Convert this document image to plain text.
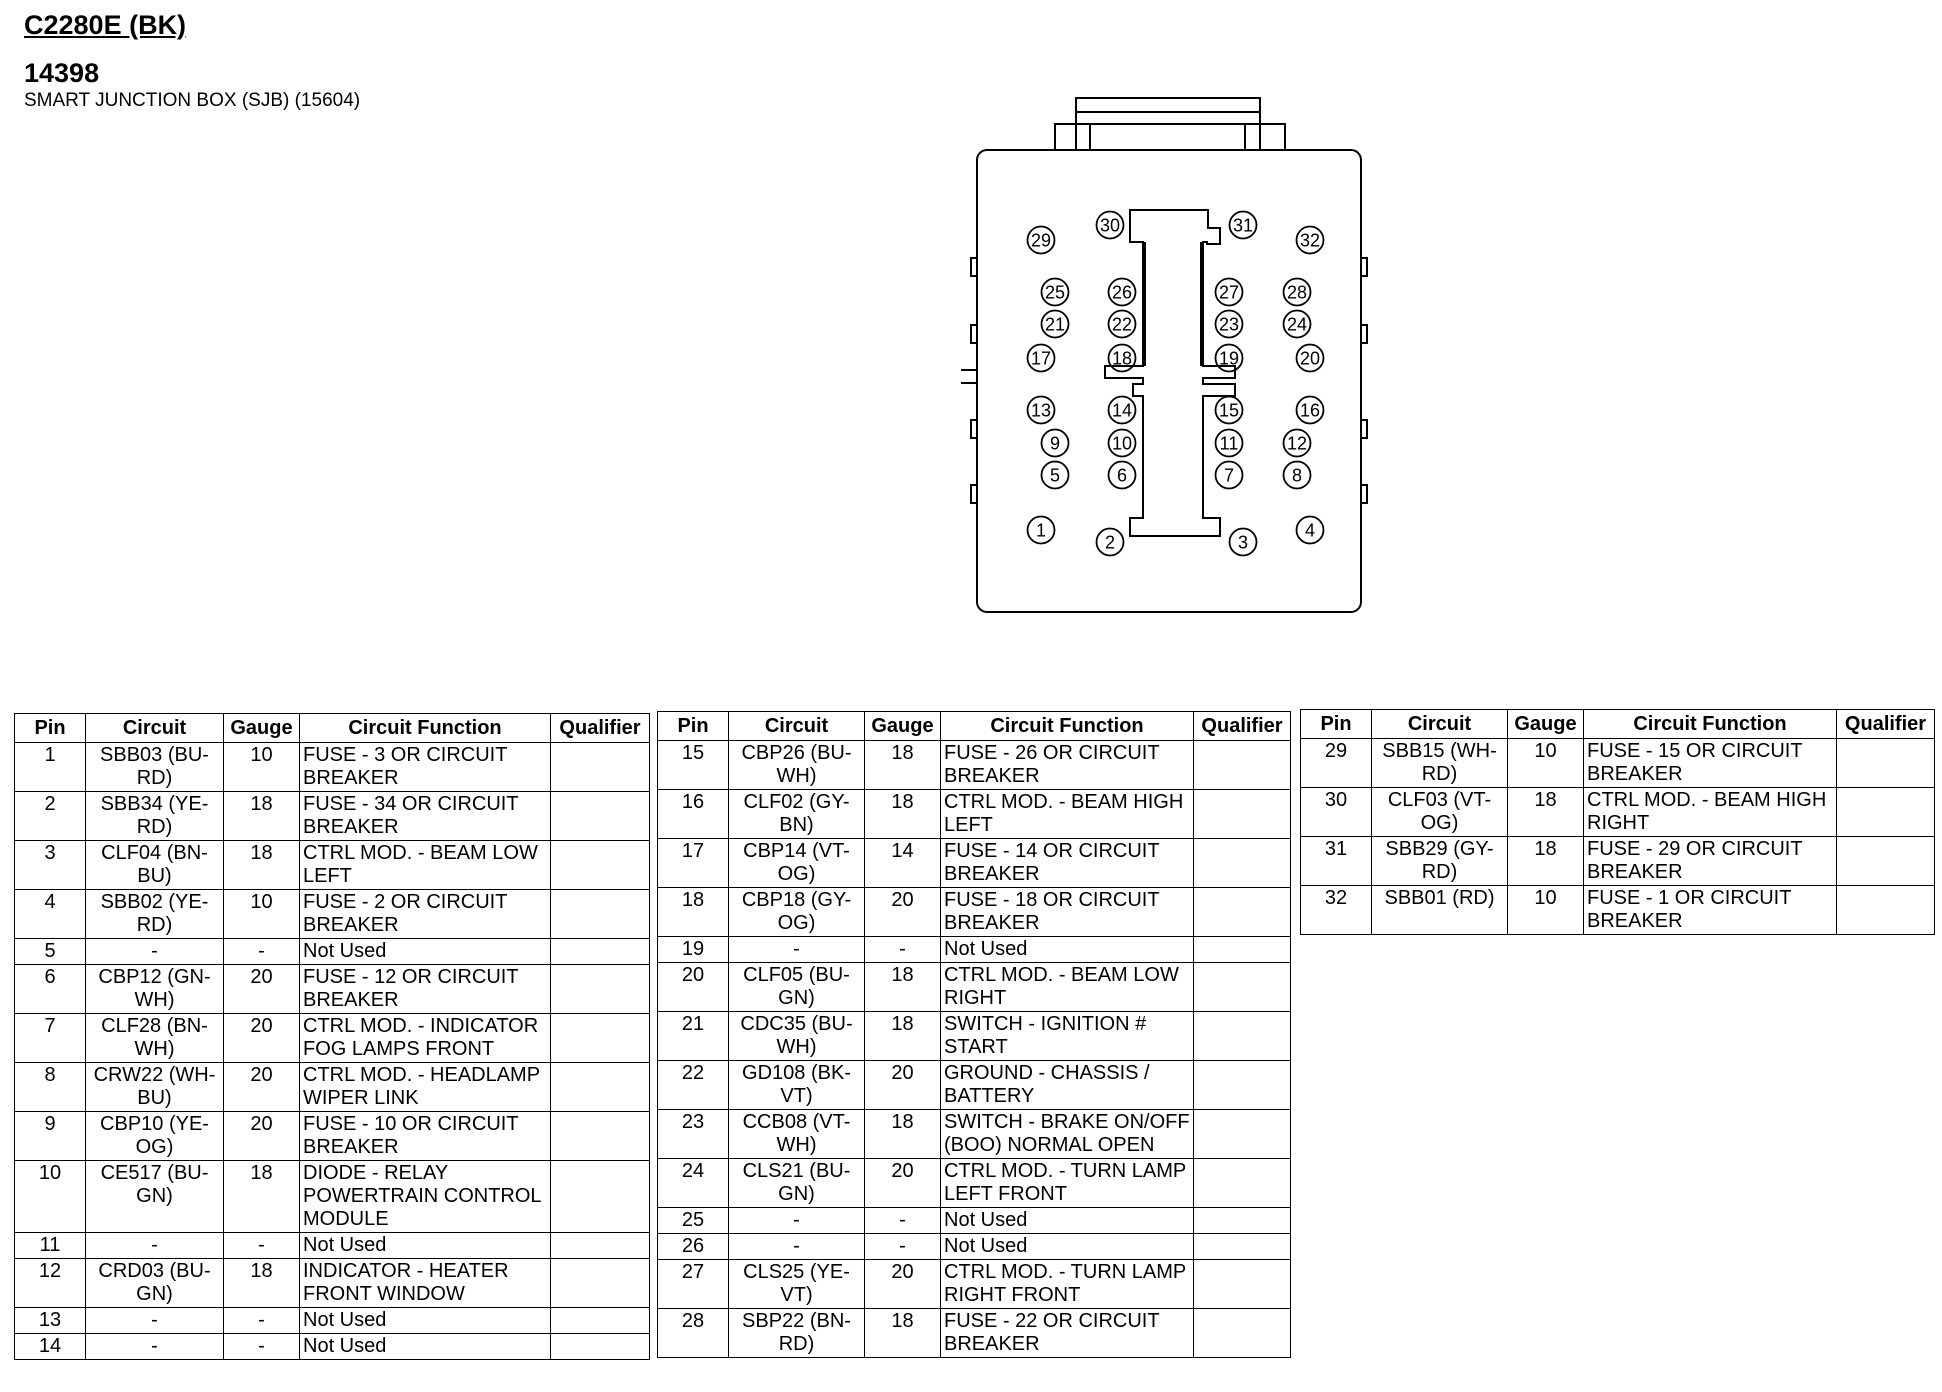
C2280E (BK)
14398
SMART JUNCTION BOX (SJB) (15604)
1
2	3
4
5	6	7	8
9	10	11	12
13	14	15	16
17	18	19	20
21	22	23	24
25	26	27	28
29
30	31
32
Pin	Circuit	Gauge	Circuit Function	Qualifier
1	SBB03 (BU-RD)	10	FUSE - 3 OR CIRCUIT BREAKER	
2	SBB34 (YE-RD)	18	FUSE - 34 OR CIRCUIT BREAKER	
3	CLF04 (BN-BU)	18	CTRL MOD. - BEAM LOW LEFT	
4	SBB02 (YE-RD)	10	FUSE - 2 OR CIRCUIT BREAKER	
5	-	-	Not Used	
6	CBP12 (GN-WH)	20	FUSE - 12 OR CIRCUIT BREAKER	
7	CLF28 (BN-WH)	20	CTRL MOD. - INDICATOR FOG LAMPS FRONT	
8	CRW22 (WH-BU)	20	CTRL MOD. - HEADLAMP WIPER LINK	
9	CBP10 (YE-OG)	20	FUSE - 10 OR CIRCUIT BREAKER	
10	CE517 (BU-GN)	18	DIODE - RELAY POWERTRAIN CONTROL MODULE	
11	-	-	Not Used	
12	CRD03 (BU-GN)	18	INDICATOR - HEATER FRONT WINDOW	
13	-	-	Not Used	
14	-	-	Not Used	
Pin	Circuit	Gauge	Circuit Function	Qualifier
15	CBP26 (BU-WH)	18	FUSE - 26 OR CIRCUIT BREAKER	
16	CLF02 (GY-BN)	18	CTRL MOD. - BEAM HIGH LEFT	
17	CBP14 (VT-OG)	14	FUSE - 14 OR CIRCUIT BREAKER	
18	CBP18 (GY-OG)	20	FUSE - 18 OR CIRCUIT BREAKER	
19	-	-	Not Used	
20	CLF05 (BU-GN)	18	CTRL MOD. - BEAM LOW RIGHT	
21	CDC35 (BU-WH)	18	SWITCH - IGNITION # START	
22	GD108 (BK-VT)	20	GROUND - CHASSIS / BATTERY	
23	CCB08 (VT-WH)	18	SWITCH - BRAKE ON/OFF (BOO) NORMAL OPEN	
24	CLS21 (BU-GN)	20	CTRL MOD. - TURN LAMP LEFT FRONT	
25	-	-	Not Used	
26	-	-	Not Used	
27	CLS25 (YE-VT)	20	CTRL MOD. - TURN LAMP RIGHT FRONT	
28	SBP22 (BN-RD)	18	FUSE - 22 OR CIRCUIT BREAKER	
Pin	Circuit	Gauge	Circuit Function	Qualifier
29	SBB15 (WH-RD)	10	FUSE - 15 OR CIRCUIT BREAKER	
30	CLF03 (VT-OG)	18	CTRL MOD. - BEAM HIGH RIGHT	
31	SBB29 (GY-RD)	18	FUSE - 29 OR CIRCUIT BREAKER	
32	SBB01 (RD)	10	FUSE - 1 OR CIRCUIT BREAKER	
